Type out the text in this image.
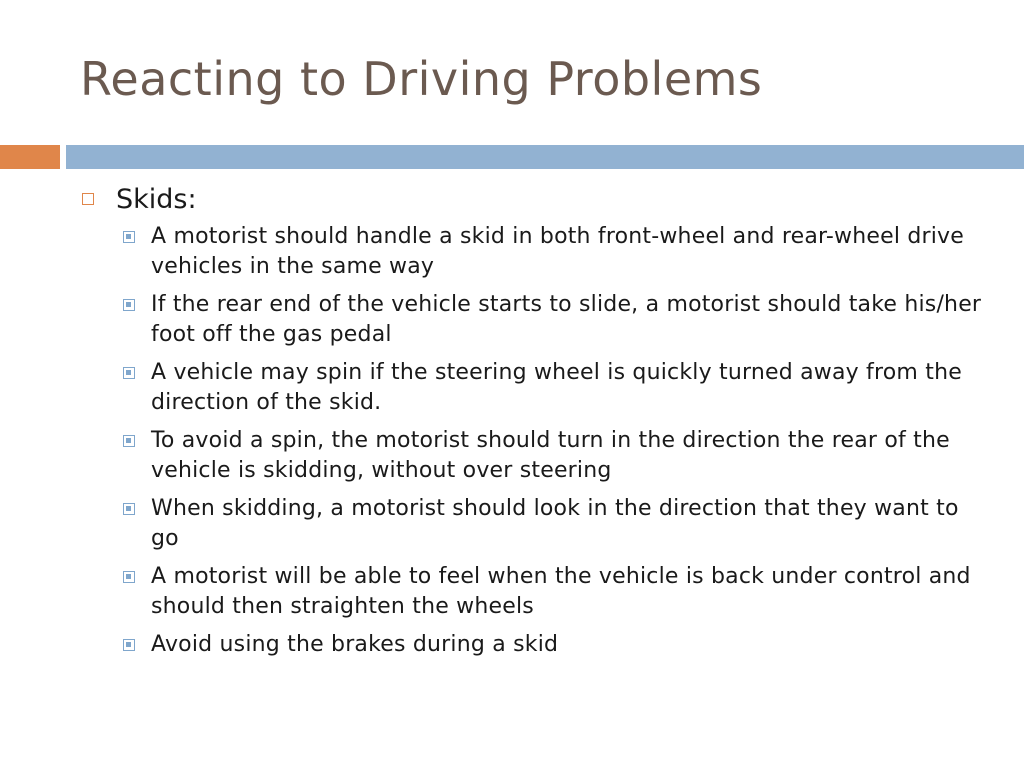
Reacting to Driving Problems
Skids:
A motorist should handle a skid in both front-wheel and rear-wheel drive vehicles in the same way
If the rear end of the vehicle starts to slide, a motorist should take his/her foot off the gas pedal
A vehicle may spin if the steering wheel is quickly turned away from the direction of the skid.
To avoid a spin, the motorist should turn in the direction the rear of the vehicle is skidding, without over steering
When skidding, a motorist should look in the direction that they want to go
A motorist will be able to feel when the vehicle is back under control and should then straighten the wheels
Avoid using the brakes during a skid
